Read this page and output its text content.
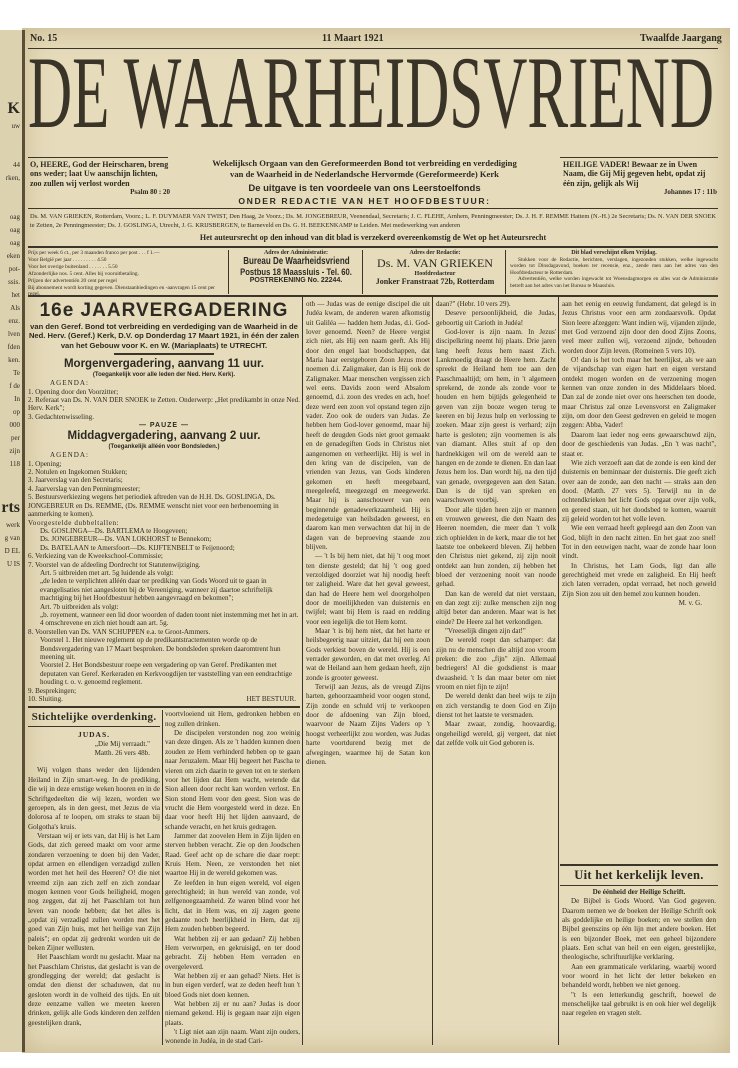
K
uw
44
rken,
oag
oag
oag
eken
pot-
ssis.
het
Als
enz.
lven
fden
ken.
Te
f de
In
op
000
per
zijn
118
rts
werk
g van
D EL
U IS
No. 15	11 Maart 1921	Twaalfde Jaargang
DE WAARHEIDSVRIEND
O, HEERE, God der Heirscharen, breng ons weder; laat Uw aanschijn lichten, zoo zullen wij verlost worden
Psalm 80 : 20
Wekelijksch Orgaan van den Gereformeerden Bond tot verbreiding en verdediging
van de Waarheid in de Nederlandsche Hervormde (Gereformeerde) Kerk
De uitgave is ten voordeele van ons Leerstoelfonds
ONDER REDACTIE VAN HET HOOFDBESTUUR:
HEILIGE VADER! Bewaar ze in Uwen Naam, die Gij Mij gegeven hebt, opdat zij één zijn, gelijk als Wij
Johannes 17 : 11b
Ds. M. VAN GRIEKEN, Rotterdam, Voorz.; L. F. DUYMAER VAN TWIST, Den Haag, 2e Voorz.; Ds. M. JONGEBREUR, Veenendaal, Secretaris; J. C. FLEHE, Arnhem, Penningmeester; Ds. J. H. F. REMME Hattem (N.-H.) 2e Secretaris; Ds. N. VAN DER SNOEK te Zetten, 2e Penningmeester; Ds. J. GOSLINGA, Utrecht, J. G. KRIJSBERGEN, te Barneveld en Ds. G. H. BEEKENKAMP te Leiden. Met medewerking van anderen
Het auteursrecht op den inhoud van dit blad is verzekerd overeenkomstig de Wet op het Auteursrecht
Prijs per week 6 ct., per 3 maanden franco per post . . . f 1.—
Voor België per jaar . . . . . . . . . 4.50
Voor het overige buitenland . . . . . . . 5.50
Afzonderlijke nos. 5 cent. Alles bij vooruitbetaling.
Prijzen der advertentiën 20 cent per regel
Bij abonnement wordt korting gegeven. Dienstaanbiedingen en -aanvragen 15 cent per
Adres der Administratie:
Bureau De Waarheidsvriend
Postbus 18 Maassluis - Tel. 60.
POSTREKENING No. 22244.
Adres der Redactie:
Ds. M. VAN GRIEKEN
Hoofdredacteur
Jonker Franstraat 72b, Rotterdam
Dit blad verschijnt elken Vrijdag.
Stukken voor de Redactie, berichten, verslagen, ingezonden stukken, welke ingewacht worden tot Dinsdagavond, boeken ter recensie, enz., zende men aan het adres van den Hoofdredacteur te Rotterdam.
Advertentiën, welke worden ingewacht tot Woensdagmorgen en alles wat de Administratie betreft aan het adres van het Bureau te Maassluis.
16e JAARVERGADERING
van den Geref. Bond tot verbreiding en verdediging van de Waarheid in de Ned. Herv. (Geref.) Kerk, D.V. op Donderdag 17 Maart 1921, in één der zalen van het Gebouw voor K. en W. (Mariaplaats) te UTRECHT.
Morgenvergadering, aanvang 11 uur.
(Toegankelijk voor alle leden der Ned. Herv. Kerk).
AGENDA:
1. Opening door den Voorzitter;
2. Referaat van Ds. N. VAN DER SNOEK te Zetten. Onderwerp: „Het predikambt in onze Ned. Herv. Kerk";
3. Gedachtenwisseling.
— PAUZE —
Middagvergadering, aanvang 2 uur.
(Toegankelijk alléén voor Bondsleden.)
AGENDA:
1. Opening;
2. Notulen en Ingekomen Stukken;
3. Jaarverslag van den Secretaris;
4. Jaarverslag van den Penningmeester;
5. Bestuursverkiezing wegens het periodiek aftreden van de H.H. Ds. GOSLINGA, Ds. JONGEBREUR en Ds. REMME, (Ds. REMME wenscht niet voor een herbenoeming in aanmerking te komen).
Voorgestelde dubbeltallen:
Ds. GOSLINGA—Ds. BARTLEMA te Hoogeveen;
Ds. JONGEBREUR—Ds. VAN LOKHORST te Bennekom;
Ds. BATELAAN te Amersfoort—Ds. KIJFTENBELT te Feijenoord;
6. Verkiezing van de Kweekschool-Commissie;
7. Voorstel van de afdeeling Dordrecht tot Statutenwijziging.
Art. 5 uitbreiden met art. 5g luidende als volgt:
„de leden te verplichten alléén daar ter prediking van Gods Woord uit te gaan in evangelisaties niet aangesloten bij de Vereeniging, wanneer zij daartoe schriftelijk machtiging bij het Hoofdbestuur hebben aangevraagd en bekomen";
Art. 7b uitbreiden als volgt:
„b. royement, wanneer een lid door woorden of daden toont niet instemming met het in art. 4 omschrevene en zich niet houdt aan art. 5g.
8. Voorstellen van Ds. VAN SCHUPPEN e.a. te Groot-Ammers.
Voorstel 1. Het nieuwe reglement op de predikantstractementen worde op de Bondsvergadering van 17 Maart besproken. De bondsleden spreken daaromtrent hun meening uit.
Voorstel 2. Het Bondsbestuur roepe een vergadering op van Geref. Predikanten met deputaten van Geref. Kerkeraden en Kerkvoogdijen ter vaststelling van een eendrachtige houding t. o. v. genoemd reglement.
9. Besprekingen;
10. Sluiting.	HET BESTUUR.
Stichtelijke overdenking.
JUDAS.
„Die Mij verraadt."
Matth. 26 vers 48b.

Wij volgen thans weder den lijdenden Heiland in Zijn smart-weg. In de prediking, die wij in deze ernstige weken hooren en in de Schriftgedeelten die wij lezen, worden we geroepen, als in den geest, met Jezus de via dolorosa af te loopen, om straks te staan bij Golgotha's kruis.

Verstaan wij er iets van, dat Hij is het Lam Gods, dat zich gereed maakt om voor arme zondaren verzoening te doen bij den Vader, opdat armen en ellendigen verzadigd zullen worden met het heil des Heeren? O! die niet vreemd zijn aan zich zelf en zich zondaar mogen kennen voor Gods heiligheid, mogen nog zeggen, dat zij het Paaschlam tot hun leven van noode hebben; dat het alles is „opdat zij verzadigd zullen worden met het goed van Zijn huis, met het heilige van Zijn paleis"; en opdat zij gedrenkt worden uit de beken Zijner wellusten.

Het Paaschlam wordt nu geslacht. Maar na het Paaschlam Christus, dat geslacht is van de grondlegging der wereld; dat geslacht is omdat den dienst der schaduwen, dat nu gesloten wordt in de volheid des tijds. En uit deze eenzame vallen we meeten keeren drinken, gelijk alle Gods kinderen den zelfden geestelijken drank,

voortvloeiend uit Hem, gedronken hebben en nog zullen drinken.

De discipelen verstonden nog zoo weinig van deze dingen. Als ze 't hadden kunnen doen zouden ze Hem verhinderd hebben op te gaan naar Jeruzalem. Maar Hij begeert het Pascha te vieren om zich daarin te geven tot en te sterken voor het lijden dat Hem wacht, wetende dat Sion alleen door recht kan worden verlost. En Sion stond Hem voor den geest. Sion was de vrucht die Hem voorgesteld werd in deze. En daar voor heeft Hij het lijden aanvaard, de schande veracht, en het kruis gedragen.

Jammer dat zoovelen Hem in Zijn lijden en sterven hebben veracht. Zie op den Joodschen Raad. Geef acht op de schare die daar roept: Kruis Hem. Neen, ze verstonden het niet waartoe Hij in de wereld gekomen was.

Ze leefden in hun eigen wereld, vol eigen gerechtigheid; in hun wereld van zonde, vol zelfgenoegzaamheid. Ze waren blind voor het licht, dat in Hem was, en zij zagen geene gedaante noch heerlijkheid in Hem, dat zij Hem zouden hebben begeerd.

Wat hebben zij er aan gedaan? Zij hebben Hem verworpen, en gekruisigd, en ter dood gebracht. Zij hebben Hem verraden en overgeleverd.

Wat hebben zij er aan gehad? Niets. Het is in hun eigen verderf, wat ze deden heeft hun 't bloed Gods niet doen kennen.

Wat hebben zij er nu aan? Judas is door niemand gekend. Hij is gegaan naar zijn eigen plaats.

't Ligt niet aan zijn naam. Want zijn ouders, wonende in Judéa, in de stad Cari-

oth — Judas was de eenige discipel die uit Judéa kwam, de anderen waren afkomstig uit Galiléa — hadden hem Judas, d.i. God-lover genoemd. Neen? de Heere vergist zich niet, als Hij een naam geeft. Als Hij door den engel laat boodschappen, dat Maria haar eerstgeboren Zoon Jezus moet noemen d.i. Zaligmaker, dan is Hij ook de Zaligmaker. Maar menschen vergissen zich wel eens. Davids zoon werd Absalom genoemd, d.i. zoon des vredes en ach, hoe! deze werd een zoon vol opstand tegen zijn vader. Zoo ook de ouders van Judas. Ze hebben hem God-lover genoemd, maar hij heeft de deugden Gods niet groot gemaakt en de genadegiften Gods in Christus niet aangenomen en verheerlijkt. Hij is wel in den kring van de discipelen, van de vrienden van Jezus, van Gods kinderen gekomen en heeft meegebaard, meegeleefd, meegezegd en meegewerkt. Maar hij is aanschouwer van een beginnende genadewerkzaamheid. Hij is medegetuige van heilsdaden geweest, en daarom kan men verwachten dat hij in de dagen van de beproeving staande zou blijven.

— 't Is bij hem niet, dat hij 't oog moet ten dienste gesteld; dat hij 't oog goed verzoldiged doorziet wat hij noodig heeft ter zaligheid. Ware dat het geval geweest, dan had de Heere hem wel doorgeholpen door de moeilijkheden van duisternis en twijfel; want bij Hem is raad en redding voor een iegelijk die tot Hem komt.

Maar 't is bij hem niet, dat het harte er heilsbegeerig naar uitziet, dat hij een zoon Gods verkiest boven de wereld. Hij is een verrader geworden, en dat met overleg. Al wat de Heiland aan hem gedaan heeft, zijn zonde is grooter geweest.

Terwijl aan Jezus, als de vreugd Zijns harten, gehoorzaamheid voor oogen stond, Zijn zonde en schuld vrij te verkoopen door de afdoening van Zijn bloed, waarvoor de Naam Zijns Vaders op 't hoogst verheerlijkt zou worden, was Judas harte voortdurend bezig met de afwegingen, waarmee hij de Satan kon dienen.

daan?" (Hebr. 10 vers 29).

Deseve persoonlijkheid, die Judas, geboortig uit Carioth in Judéa!

God-lover is zijn naam. In Jezus' discipelkring neemt hij plaats. Drie jaren lang heeft Jezus hem naast Zich. Lankmoedig draagt de Heere hem. Zacht spreekt de Heiland hem toe aan den Paaschmaaltijd; om hem, in 't algemeen sprekend, de zonde als zonde voor te houden en hem bijtijds gelegenheid te geven van zijn booze wegen terug te keeren en bij Jezus hulp en verlossing te zoeken. Maar zijn geest is verhard; zijn harte is gesloten; zijn voornemen is als van diamant. Alles stuit af op den hardnekkigen wil om de wereld aan te hangen en de zonde te dienen. En dan laat Jezus hem los. Dan wordt hij, na den tijd van genade, overgegeven aan den Satan. Dan is de tijd van spreken en waarschuwen voorbij.

Door alle tijden heen zijn er mannen en vrouwen geweest, die den Naam des Heeren noemden, die meer dan 't volk zich ophielden in de kerk, maar die tot het laatste toe onbekeerd bleven. Zij hebben den Christus niet gekend, zij zijn nooit ontdekt aan hun zonden, zij hebben het bloed der verzoening nooit van noode gehad.

Dan kan de wereld dat niet verstaan, en dan zegt zij: zulke menschen zijn nog altijd beter dan anderen. Maar wat is het einde? De Heere zal het verkondigen.

"Vreeselijk dingen zijn dat!"

De wereld roept dan schamper: dat zijn nu de menschen die altijd zoo vroom preken: die zoo „fijn" zijn. Allemaal bedriegers! Al die godsdienst is maar dwaasheid. 't Is dan maar beter om niet vroom en niet fijn te zijn!

De wereld denkt dan heel wijs te zijn en zich verstandig te doen God en Zijn dienst tot het laatste te versmaden.

Maar zwaar, zondig, hoovaardig, ongeheiligd wereld, gij vergeet, dat niet dat zelfde volk uit God geboren is.

aan het eenig en eeuwig fundament, dat gelegd is in Jezus Christus voor een arm zondaarsvolk. Opdat Sion leere afzeggen: Want indien wij, vijanden zijnde, met God verzoend zijn door den dood Zijns Zoons, veel meer zullen wij, verzoend zijnde, behouden worden door Zijn leven. (Romeinen 5 vers 10).

O! dan is het toch maar het heerlijkst, als we aan de vijandschap van eigen hart en eigen verstand ontdekt mogen worden en de verzoening mogen kennen van onze zonden in des Middelaars bloed. Dan zal de zonde niet over ons heerschen ten doode, maar Christus zal onze Levensvorst en Zaligmaker zijn, om door den Geest gedreven en geleid te mogen zeggen: Abba, Vader!

Daarom laat ieder nog eens gewaarschuwd zijn, door de geschiedenis van Judas. „En 't was nacht", staat er.

Wie zich verzoeft aan dat de zonde is een kind der duisternis en beminnaar der duisternis. Die geeft zich over aan de zonde, aan den nacht — straks aan den dood. (Matth. 27 vers 5). Terwijl nu in de ochtendkrieken het licht Gods opgaat over zijn volk, en gereed staan, uit het doodsbed te komen, waaruit zij geleid worden tot het volle leven.

Wie een verraad heeft gepleegd aan den Zoon van God, blijft in den nacht zitten. En het gaat zoo snel! Tot in den eeuwigen nacht, waar de zonde haar loon vindt.

In Christus, het Lam Gods, ligt dan alle gerechtigheid met vrede en zaligheid. En Hij heeft zich laten verraden, opdat verraad, het noch geweld Zijn Sion zou uit den hemel zou kunnen houden.

M. v. G.
Uit het kerkelijk leven.
De éénheid der Heilige Schrift.

De Bijbel is Gods Woord. Van God gegeven. Daarom nemen we de boeken der Heilige Schrift ook als goddelijke en heilige boeken; en we stellen den Bijbel geenszins op één lijn met andere boeken. Het is een bijzonder Boek, met een geheel bijzondere plaats. Een schat van heil en een eigen, geestelijke, theologische, schriftuurlijke verklaring.

Aan een grammaticale verklaring, waarbij woord voor woord in het licht der letter bekeken en behandeld wordt, hebben we niet genoeg.

"t Is een letterkundig geschrift, hoewel de menschelijke taal gebruikt is en ook hier wel degelijk naar regelen en vragen stelt.
